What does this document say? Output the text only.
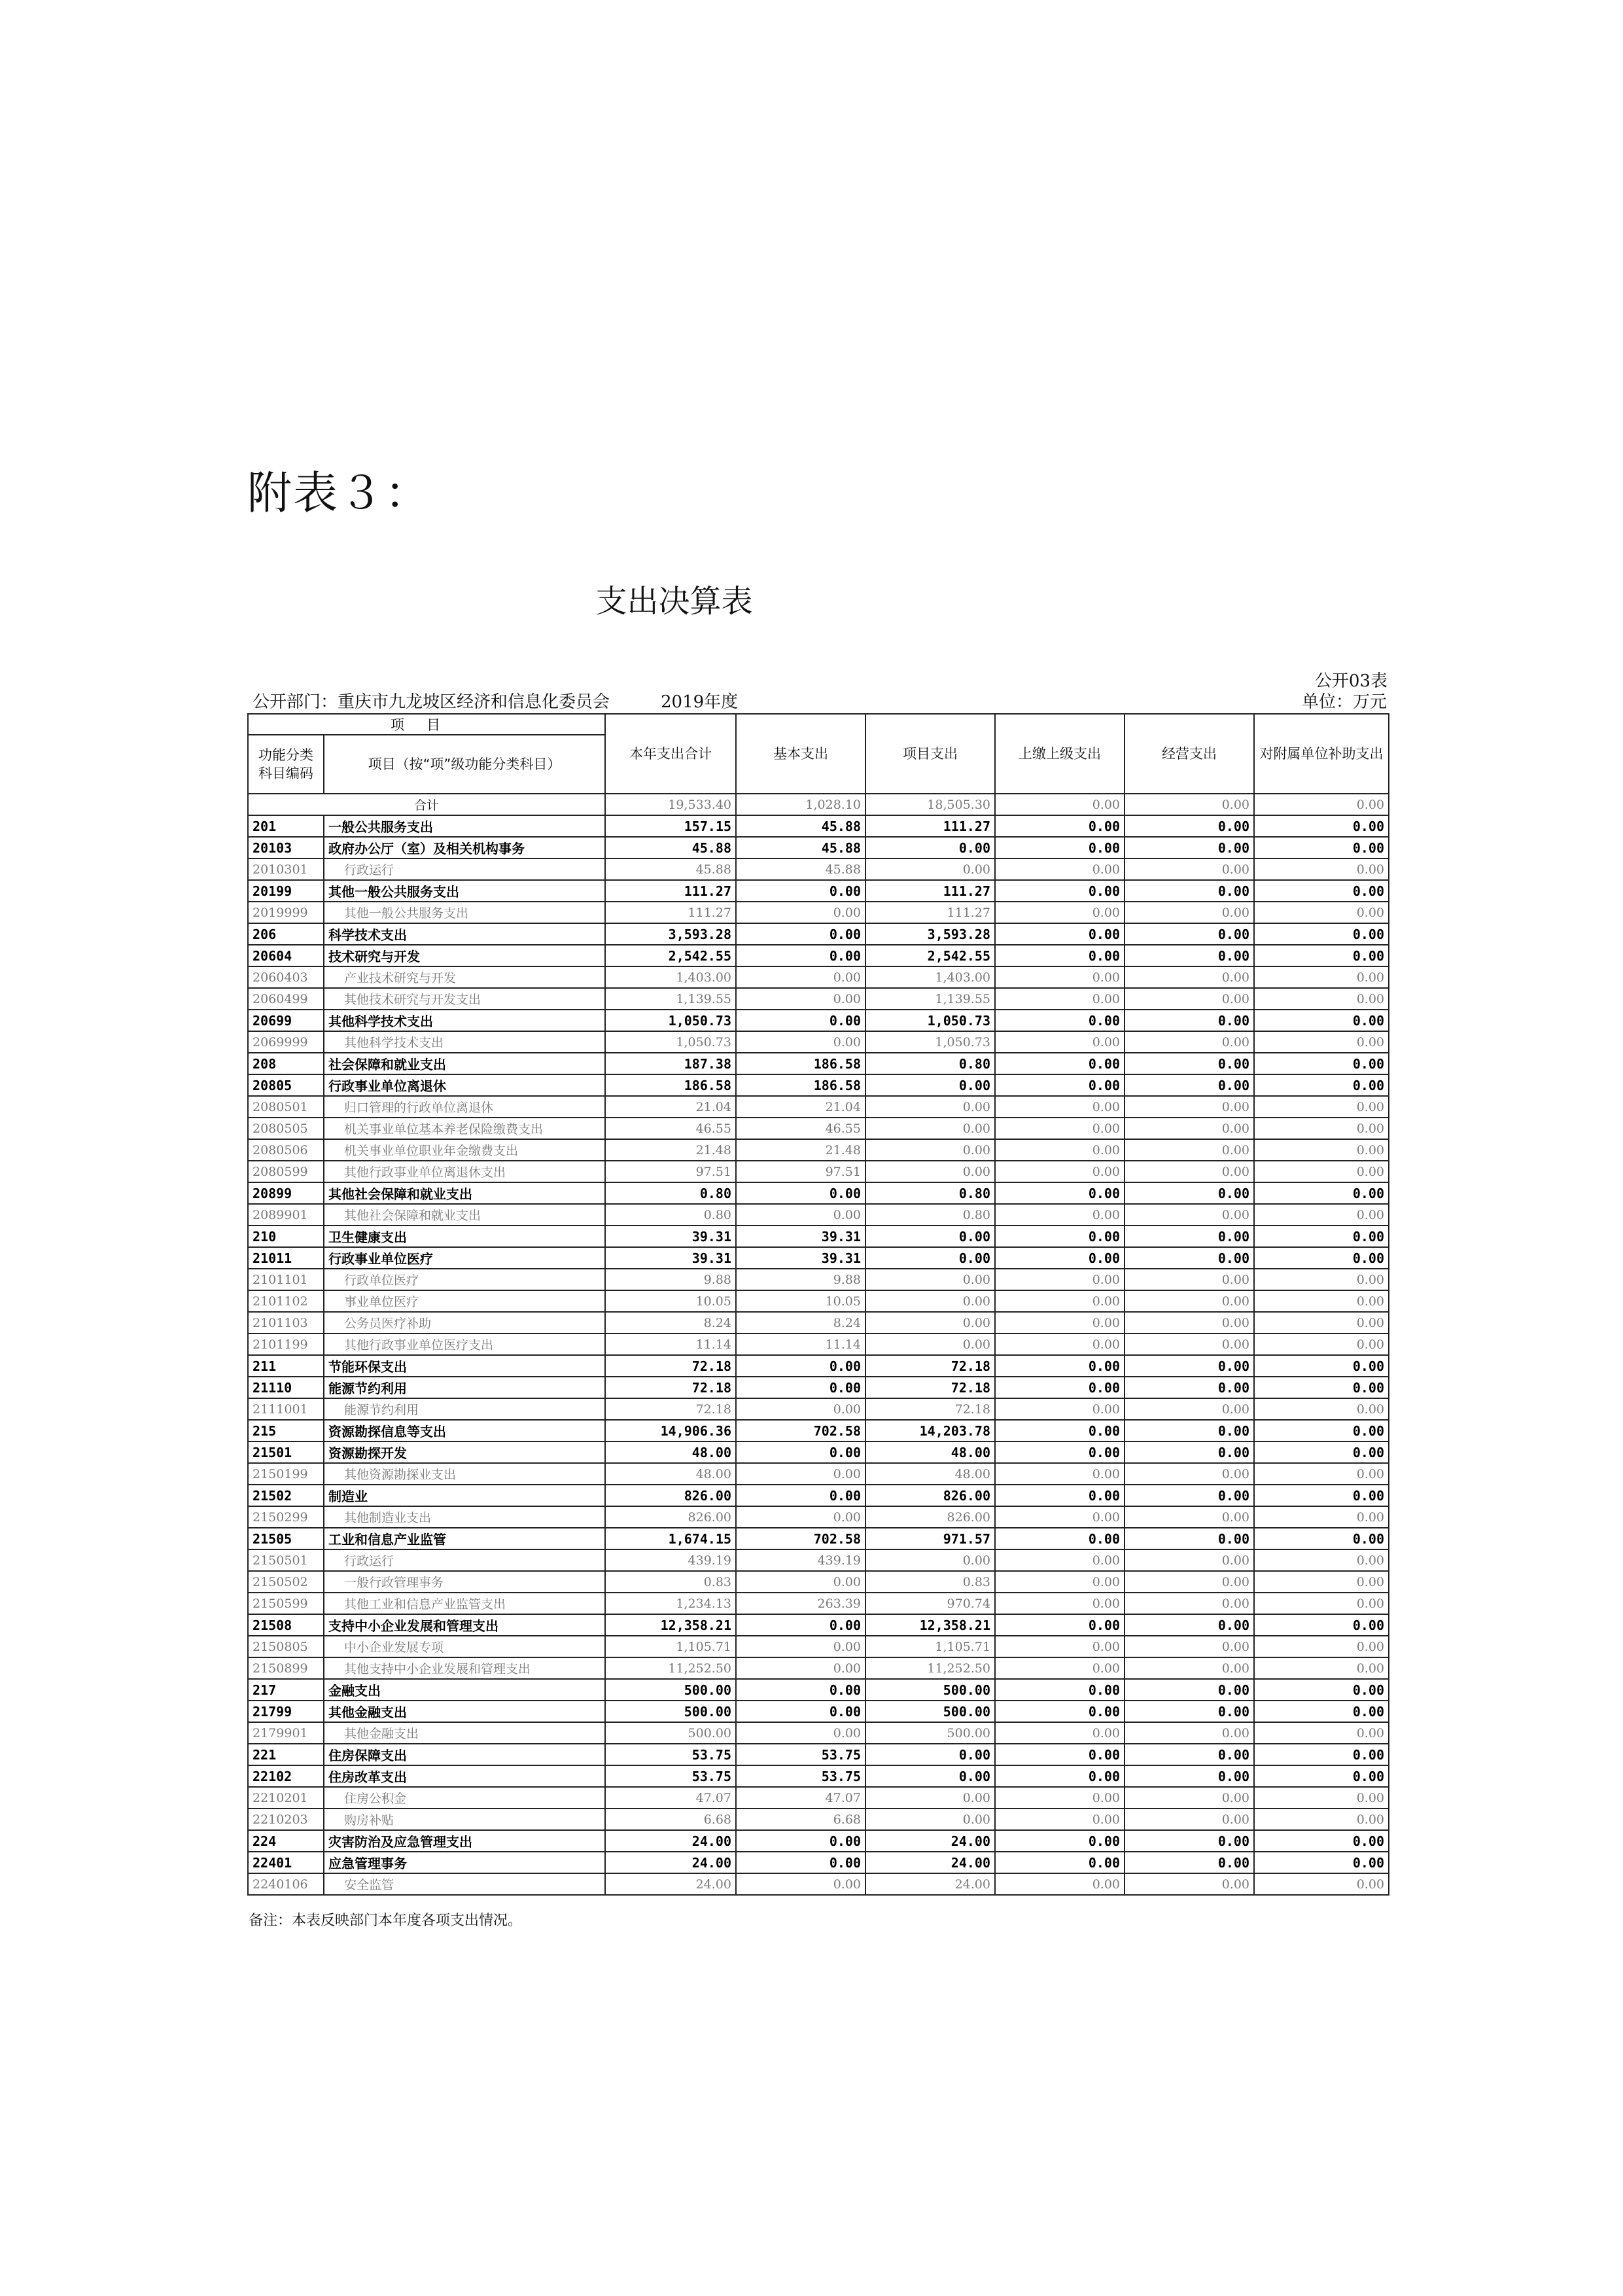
附表３：
支出决算表
公开03表
公开部门：重庆市九龙坡区经济和信息化委员会	2019年度	单位：万元
项目		本年支出合计	基本支出	项目支出	上缴上级支出	经营支出	对附属单位补助支出
功能分类科目编码	项目（按“项”级功能分类科目）						
合计		19,533.40	1,028.10	18,505.30	0.00	0.00	0.00
201	一般公共服务支出	157.15	45.88	111.27	0.00	0.00	0.00
20103	政府办公厅（室）及相关机构事务	45.88	45.88	0.00	0.00	0.00	0.00
2010301	行政运行	45.88	45.88	0.00	0.00	0.00	0.00
20199	其他一般公共服务支出	111.27	0.00	111.27	0.00	0.00	0.00
2019999	其他一般公共服务支出	111.27	0.00	111.27	0.00	0.00	0.00
206	科学技术支出	3,593.28	0.00	3,593.28	0.00	0.00	0.00
20604	技术研究与开发	2,542.55	0.00	2,542.55	0.00	0.00	0.00
2060403	产业技术研究与开发	1,403.00	0.00	1,403.00	0.00	0.00	0.00
2060499	其他技术研究与开发支出	1,139.55	0.00	1,139.55	0.00	0.00	0.00
20699	其他科学技术支出	1,050.73	0.00	1,050.73	0.00	0.00	0.00
2069999	其他科学技术支出	1,050.73	0.00	1,050.73	0.00	0.00	0.00
208	社会保障和就业支出	187.38	186.58	0.80	0.00	0.00	0.00
20805	行政事业单位离退休	186.58	186.58	0.00	0.00	0.00	0.00
2080501	归口管理的行政单位离退休	21.04	21.04	0.00	0.00	0.00	0.00
2080505	机关事业单位基本养老保险缴费支出	46.55	46.55	0.00	0.00	0.00	0.00
2080506	机关事业单位职业年金缴费支出	21.48	21.48	0.00	0.00	0.00	0.00
2080599	其他行政事业单位离退休支出	97.51	97.51	0.00	0.00	0.00	0.00
20899	其他社会保障和就业支出	0.80	0.00	0.80	0.00	0.00	0.00
2089901	其他社会保障和就业支出	0.80	0.00	0.80	0.00	0.00	0.00
210	卫生健康支出	39.31	39.31	0.00	0.00	0.00	0.00
21011	行政事业单位医疗	39.31	39.31	0.00	0.00	0.00	0.00
2101101	行政单位医疗	9.88	9.88	0.00	0.00	0.00	0.00
2101102	事业单位医疗	10.05	10.05	0.00	0.00	0.00	0.00
2101103	公务员医疗补助	8.24	8.24	0.00	0.00	0.00	0.00
2101199	其他行政事业单位医疗支出	11.14	11.14	0.00	0.00	0.00	0.00
211	节能环保支出	72.18	0.00	72.18	0.00	0.00	0.00
21110	能源节约利用	72.18	0.00	72.18	0.00	0.00	0.00
2111001	能源节约利用	72.18	0.00	72.18	0.00	0.00	0.00
215	资源勘探信息等支出	14,906.36	702.58	14,203.78	0.00	0.00	0.00
21501	资源勘探开发	48.00	0.00	48.00	0.00	0.00	0.00
2150199	其他资源勘探业支出	48.00	0.00	48.00	0.00	0.00	0.00
21502	制造业	826.00	0.00	826.00	0.00	0.00	0.00
2150299	其他制造业支出	826.00	0.00	826.00	0.00	0.00	0.00
21505	工业和信息产业监管	1,674.15	702.58	971.57	0.00	0.00	0.00
2150501	行政运行	439.19	439.19	0.00	0.00	0.00	0.00
2150502	一般行政管理事务	0.83	0.00	0.83	0.00	0.00	0.00
2150599	其他工业和信息产业监管支出	1,234.13	263.39	970.74	0.00	0.00	0.00
21508	支持中小企业发展和管理支出	12,358.21	0.00	12,358.21	0.00	0.00	0.00
2150805	中小企业发展专项	1,105.71	0.00	1,105.71	0.00	0.00	0.00
2150899	其他支持中小企业发展和管理支出	11,252.50	0.00	11,252.50	0.00	0.00	0.00
217	金融支出	500.00	0.00	500.00	0.00	0.00	0.00
21799	其他金融支出	500.00	0.00	500.00	0.00	0.00	0.00
2179901	其他金融支出	500.00	0.00	500.00	0.00	0.00	0.00
221	住房保障支出	53.75	53.75	0.00	0.00	0.00	0.00
22102	住房改革支出	53.75	53.75	0.00	0.00	0.00	0.00
2210201	住房公积金	47.07	47.07	0.00	0.00	0.00	0.00
2210203	购房补贴	6.68	6.68	0.00	0.00	0.00	0.00
224	灾害防治及应急管理支出	24.00	0.00	24.00	0.00	0.00	0.00
22401	应急管理事务	24.00	0.00	24.00	0.00	0.00	0.00
2240106	安全监管	24.00	0.00	24.00	0.00	0.00	0.00
备注：本表反映部门本年度各项支出情况。
